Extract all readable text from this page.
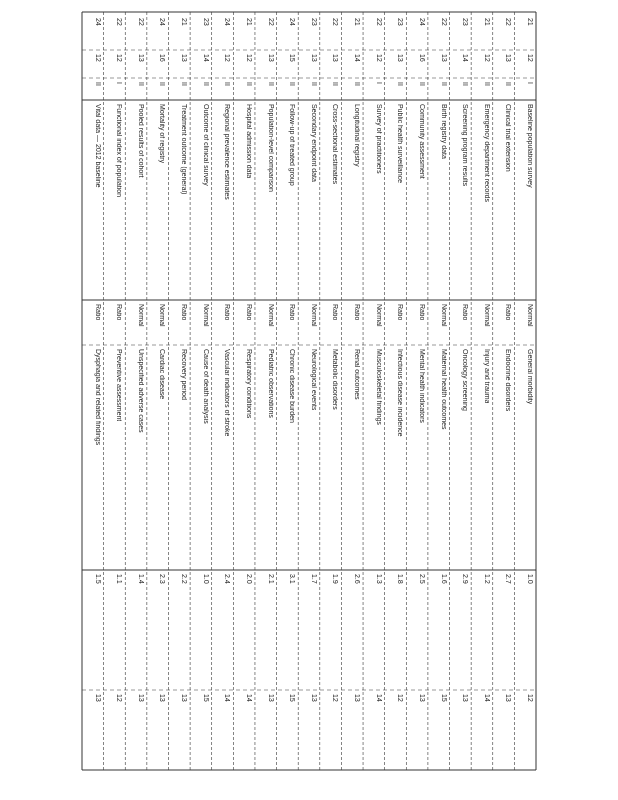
24
12
II
Vital data — 2012 baseline
Ratio
Dysphagia and related findings
1.5
13
22
12
I
Functional index of population
Ratio
Preventive assessment
1.1
12
22
13
II
Pooled results of cohort
Normal
Unspecified adverse cases
1.4
13
24
16
II
Mortality of registry
Normal
Cardiac disease
2.3
13
21
13
II
Treatment outcome (general)
Ratio
Recovery period
2.2
13
23
14
II
Outcome of clinical survey
Normal
Cause of death analysis
1.0
15
24
12
II
Regional prevalence estimates
Ratio
Vascular indicators of stroke
2.4
14
21
12
II
Hospital admission data
Ratio
Respiratory conditions
2.0
14
22
13
II
Population-level comparison
Normal
Pediatric observations
2.1
13
24
15
II
Follow-up of treated group
Ratio
Chronic disease burden
3.1
15
23
13
II
Secondary endpoint data
Normal
Neurological events
1.7
13
22
13
II
Cross-sectional estimates
Ratio
Metabolic disorders
1.9
12
21
14
II
Longitudinal registry
Ratio
Renal outcomes
2.6
13
22
12
I
Survey of practitioners
Normal
Musculoskeletal findings
1.3
14
23
13
II
Public health surveillance
Ratio
Infectious disease incidence
1.8
12
24
16
II
Community assessment
Ratio
Mental health indicators
2.5
13
22
13
II
Birth registry data
Normal
Maternal health outcomes
1.6
15
23
14
II
Screening program results
Ratio
Oncology screening
2.9
13
21
12
II
Emergency department records
Normal
Injury and trauma
1.2
14
22
13
II
Clinical trial extension
Ratio
Endocrine disorders
2.7
13
21
12
I
Baseline population survey
Normal
General morbidity
1.0
12
